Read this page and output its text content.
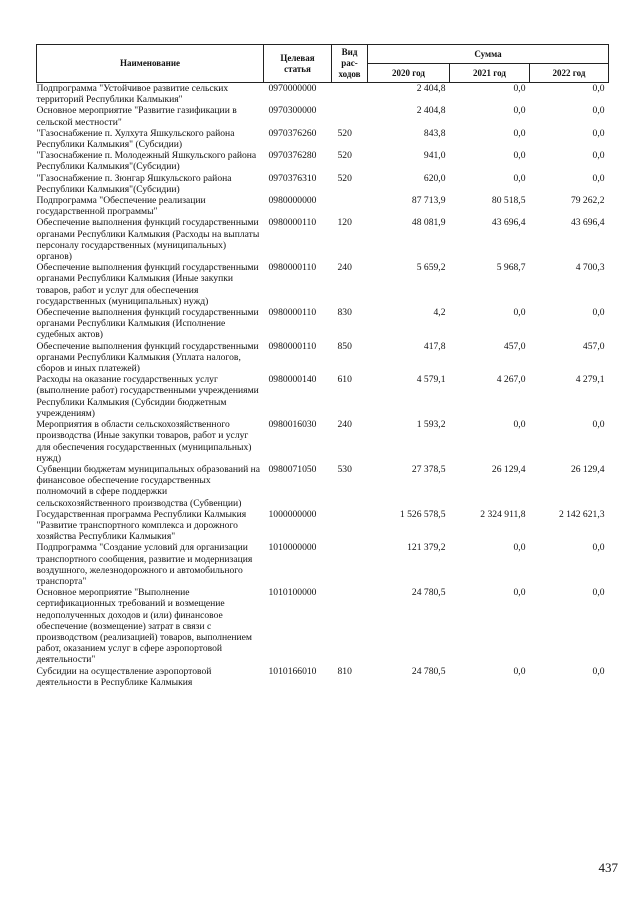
Наименование	Целевая статья	Вид рас-ходов	Сумма		
			2020 год	2021 год	2022 год
Подпрограмма "Устойчивое развитие сельских территорий Республики Калмыкия"	0970000000		2 404,8	0,0	0,0
Основное мероприятие "Развитие газификации в сельской местности"	0970300000		2 404,8	0,0	0,0
"Газоснабжение п. Хулхута Яшкульского района Республики Калмыкия" (Субсидии)	0970376260	520	843,8	0,0	0,0
"Газоснабжение п. Молодежный Яшкульского района Республики Калмыкия"(Субсидии)	0970376280	520	941,0	0,0	0,0
"Газоснабжение п. Зюнгар Яшкульского района Республики Калмыкия"(Субсидии)	0970376310	520	620,0	0,0	0,0
Подпрограмма "Обеспечение реализации государственной программы"	0980000000		87 713,9	80 518,5	79 262,2
Обеспечение выполнения функций государственными органами Республики Калмыкия (Расходы на выплаты персоналу государственных (муниципальных) органов)	0980000110	120	48 081,9	43 696,4	43 696,4
Обеспечение выполнения функций государственными органами Республики Калмыкия (Иные закупки товаров, работ и услуг для обеспечения государственных (муниципальных) нужд)	0980000110	240	5 659,2	5 968,7	4 700,3
Обеспечение выполнения функций государственными органами Республики Калмыкия (Исполнение судебных актов)	0980000110	830	4,2	0,0	0,0
Обеспечение выполнения функций государственными органами Республики Калмыкия (Уплата налогов, сборов и иных платежей)	0980000110	850	417,8	457,0	457,0
Расходы на оказание государственных услуг (выполнение работ) государственными учреждениями Республики Калмыкия (Субсидии бюджетным учреждениям)	0980000140	610	4 579,1	4 267,0	4 279,1
Мероприятия в области сельскохозяйственного производства (Иные закупки товаров, работ и услуг для обеспечения государственных (муниципальных) нужд)	0980016030	240	1 593,2	0,0	0,0
Субвенции бюджетам муниципальных образований на финансовое обеспечение государственных полномочий в сфере поддержки сельскохозяйственного производства (Субвенции)	0980071050	530	27 378,5	26 129,4	26 129,4
Государственная программа Республики Калмыкия "Развитие транспортного комплекса и дорожного хозяйства Республики Калмыкия"	1000000000		1 526 578,5	2 324 911,8	2 142 621,3
Подпрограмма "Создание условий для организации транспортного сообщения, развитие и модернизация воздушного, железнодорожного и автомобильного транспорта"	1010000000		121 379,2	0,0	0,0
Основное мероприятие "Выполнение сертификационных требований и возмещение недополученных доходов и (или) финансовое обеспечение (возмещение) затрат в связи с производством (реализацией) товаров, выполнением работ, оказанием услуг в сфере аэропортовой деятельности"	1010100000		24 780,5	0,0	0,0
Субсидии на осуществление аэропортовой деятельности в Республике Калмыкия	1010166010	810	24 780,5	0,0	0,0
437
